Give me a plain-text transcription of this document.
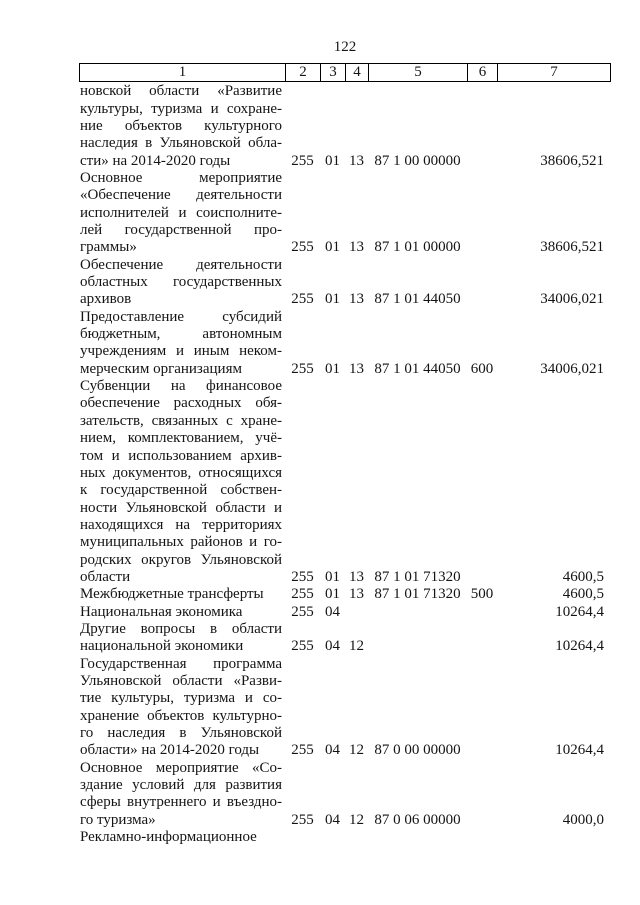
122
1	2	3	4	5	6	7
новской области «Развитие
культуры, туризма и сохране-
ние объектов культурного
наследия в Ульяновской обла-
сти» на 2014-2020 годы	255 01 13 87 1 00 00000	38606,521
Основное мероприятие
«Обеспечение деятельности
исполнителей и соисполните-
лей государственной про-
граммы»	255 01 13 87 1 01 00000	38606,521
Обеспечение деятельности
областных государственных
архивов	255 01 13 87 1 01 44050	34006,021
Предоставление субсидий
бюджетным, автономным
учреждениям и иным неком-
мерческим организациям	255 01 13 87 1 01 44050 600	34006,021
Субвенции на финансовое
обеспечение расходных обя-
зательств, связанных с хране-
нием, комплектованием, учё-
том и использованием архив-
ных документов, относящихся
к государственной собствен-
ности Ульяновской области и
находящихся на территориях
муниципальных районов и го-
родских округов Ульяновской
области	255 01 13 87 1 01 71320	4600,5
Межбюджетные трансферты	255 01 13 87 1 01 71320 500	4600,5
Национальная экономика	255 04	10264,4
Другие вопросы в области
национальной экономики	255 04 12	10264,4
Государственная программа
Ульяновской области «Разви-
тие культуры, туризма и со-
хранение объектов культурно-
го наследия в Ульяновской
области» на 2014-2020 годы	255 04 12 87 0 00 00000	10264,4
Основное мероприятие «Со-
здание условий для развития
сферы внутреннего и въездно-
го туризма»	255 04 12 87 0 06 00000	4000,0
Рекламно-информационное
